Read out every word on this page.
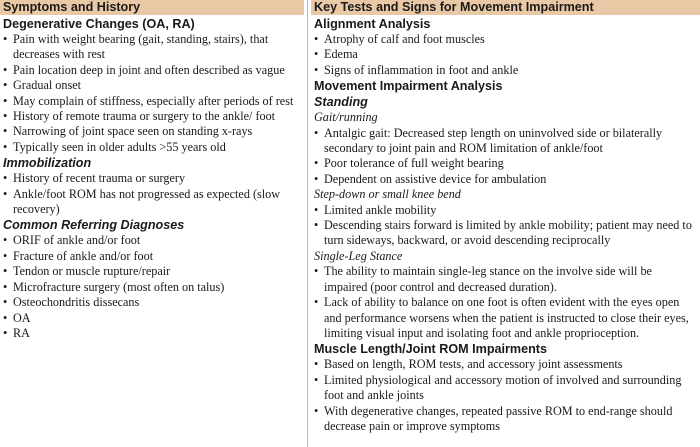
Symptoms and History
Degenerative Changes (OA, RA)
• Pain with weight bearing (gait, standing, stairs), that decreases with rest
• Pain location deep in joint and often described as vague
• Gradual onset
• May complain of stiffness, especially after periods of rest
• History of remote trauma or surgery to the ankle/ foot
• Narrowing of joint space seen on standing x-rays
• Typically seen in older adults >55 years old
Immobilization
• History of recent trauma or surgery
• Ankle/foot ROM has not progressed as expected (slow recovery)
Common Referring Diagnoses
• ORIF of ankle and/or foot
• Fracture of ankle and/or foot
• Tendon or muscle rupture/repair
• Microfracture surgery (most often on talus)
• Osteochondritis dissecans
• OA
• RA
Key Tests and Signs for Movement Impairment
Alignment Analysis
• Atrophy of calf and foot muscles
• Edema
• Signs of inflammation in foot and ankle
Movement Impairment Analysis
Standing
Gait/running
• Antalgic gait: Decreased step length on uninvolved side or bilaterally secondary to joint pain and ROM limitation of ankle/foot
• Poor tolerance of full weight bearing
• Dependent on assistive device for ambulation
Step-down or small knee bend
• Limited ankle mobility
• Descending stairs forward is limited by ankle mobility; patient may need to turn sideways, backward, or avoid descending reciprocally
Single-Leg Stance
• The ability to maintain single-leg stance on the involve side will be impaired (poor control and decreased duration).
• Lack of ability to balance on one foot is often evident with the eyes open and performance worsens when the patient is instructed to close their eyes, limiting visual input and isolating foot and ankle proprioception.
Muscle Length/Joint ROM Impairments
• Based on length, ROM tests, and accessory joint assessments
• Limited physiological and accessory motion of involved and surrounding foot and ankle joints
• With degenerative changes, repeated passive ROM to end-range should decrease pain or improve symptoms
